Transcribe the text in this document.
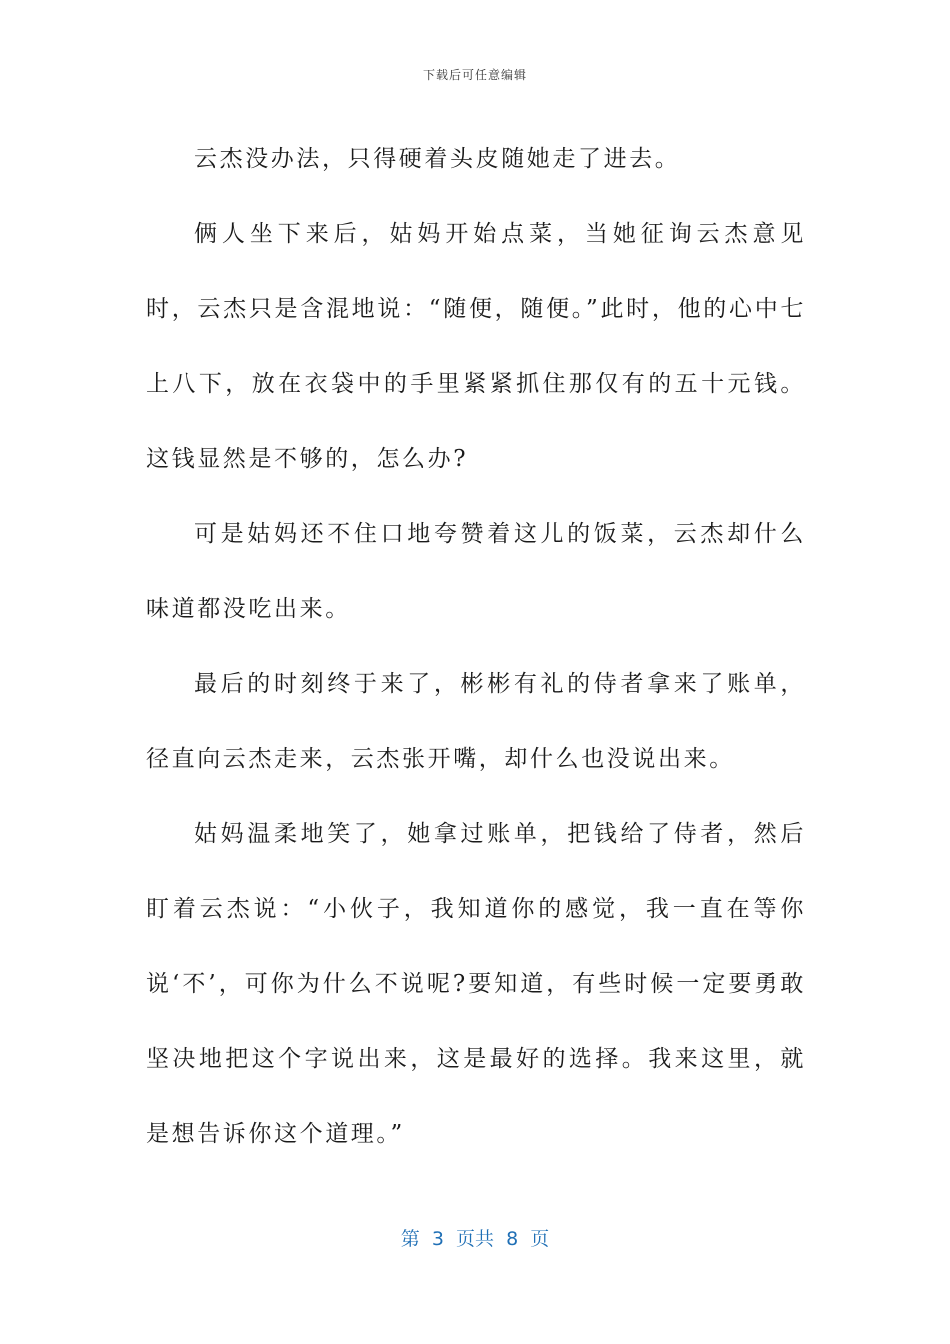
下载后可任意编辑

云杰没办法，只得硬着头皮随她走了进去。

俩人坐下来后，姑妈开始点菜，当她征询云杰意见时，云杰只是含混地说：“随便，随便。”此时，他的心中七上八下，放在衣袋中的手里紧紧抓住那仅有的五十元钱。这钱显然是不够的，怎么办?

可是姑妈还不住口地夸赞着这儿的饭菜，云杰却什么味道都没吃出来。

最后的时刻终于来了，彬彬有礼的侍者拿来了账单，径直向云杰走来，云杰张开嘴，却什么也没说出来。

姑妈温柔地笑了，她拿过账单，把钱给了侍者，然后盯着云杰说：“小伙子，我知道你的感觉，我一直在等你说‘不’，可你为什么不说呢?要知道，有些时候一定要勇敢坚决地把这个字说出来，这是最好的选择。我来这里，就是想告诉你这个道理。”

第  3  页共  8  页
